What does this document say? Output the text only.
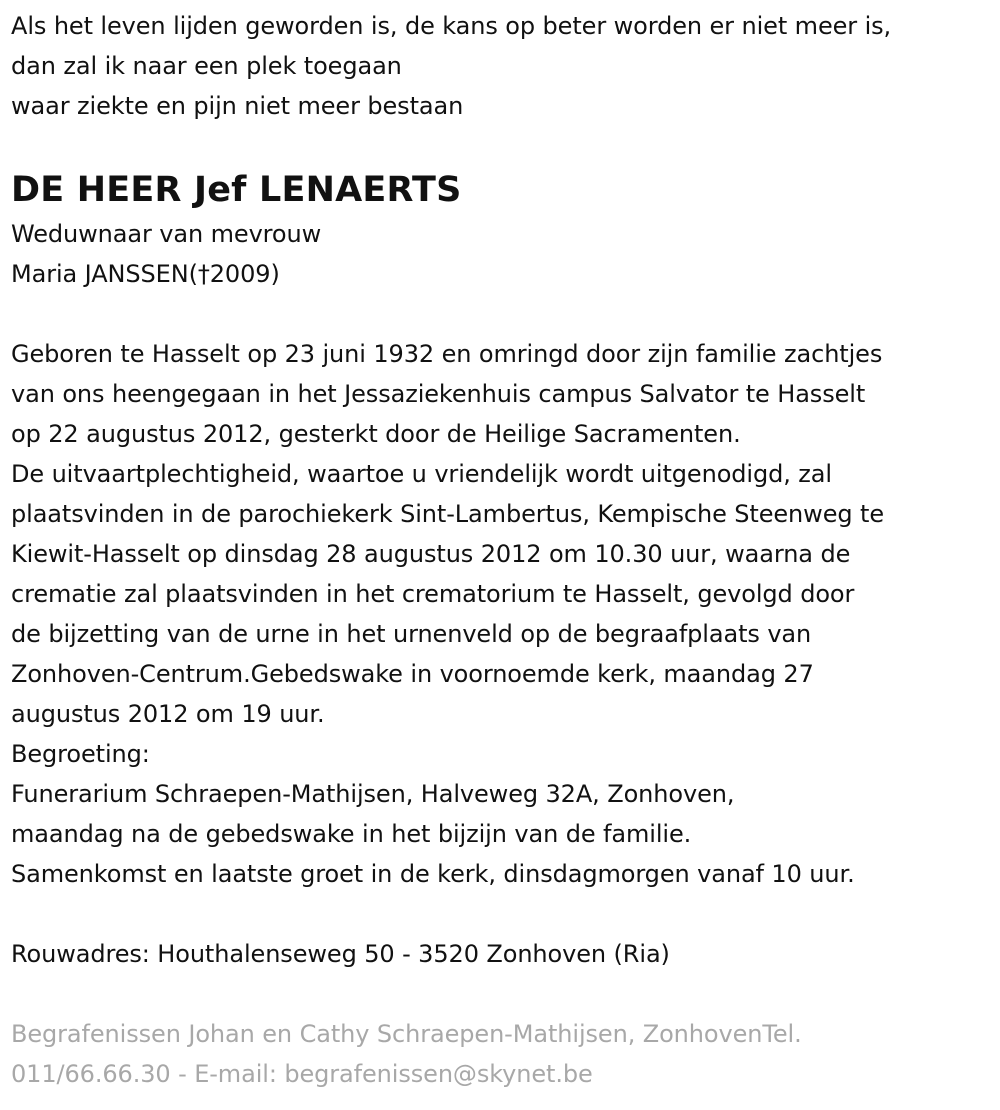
Als het leven lijden geworden is, de kans op beter worden er niet meer is,
dan zal ik naar een plek toegaan
waar ziekte en pijn niet meer bestaan
DE HEER Jef LENAERTS
Weduwnaar van mevrouw
Maria JANSSEN(†2009)
Geboren te Hasselt op 23 juni 1932 en omringd door zijn familie zachtjes
van ons heengegaan in het Jessaziekenhuis campus Salvator te Hasselt
op 22 augustus 2012, gesterkt door de Heilige Sacramenten.
De uitvaartplechtigheid, waartoe u vriendelijk wordt uitgenodigd, zal
plaatsvinden in de parochiekerk Sint-Lambertus, Kempische Steenweg te
Kiewit-Hasselt op dinsdag 28 augustus 2012 om 10.30 uur, waarna de
crematie zal plaatsvinden in het crematorium te Hasselt, gevolgd door
de bijzetting van de urne in het urnenveld op de begraafplaats van
Zonhoven-Centrum.Gebedswake in voornoemde kerk, maandag 27
augustus 2012 om 19 uur.
Begroeting:
Funerarium Schraepen-Mathijsen, Halveweg 32A, Zonhoven,
maandag na de gebedswake in het bijzijn van de familie.
Samenkomst en laatste groet in de kerk, dinsdagmorgen vanaf 10 uur.
Rouwadres: Houthalenseweg 50 - 3520 Zonhoven (Ria)
Begrafenissen Johan en Cathy Schraepen-Mathijsen, ZonhovenTel.
011/66.66.30 - E-mail: begrafenissen@skynet.be
